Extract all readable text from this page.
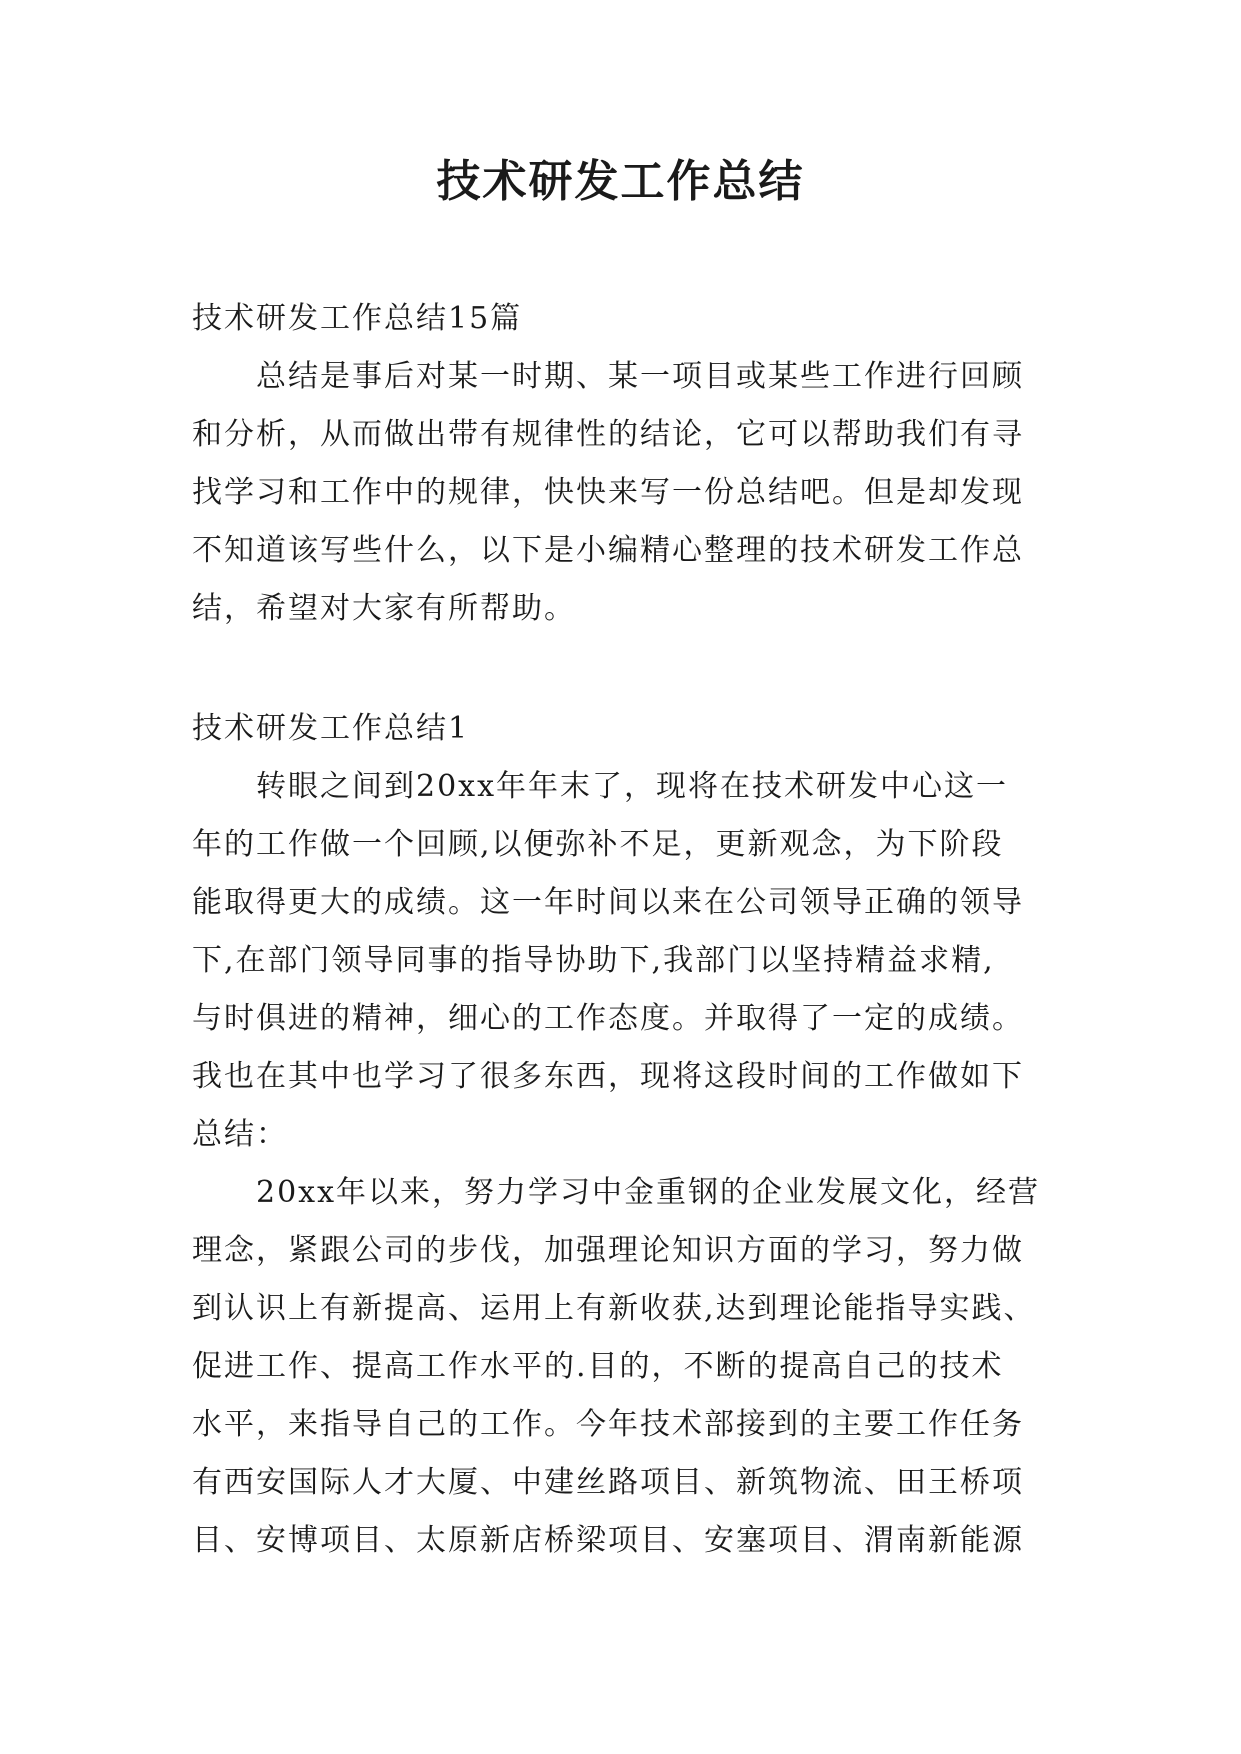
技术研发工作总结
技术研发工作总结15篇
总结是事后对某一时期、某一项目或某些工作进行回顾
和分析，从而做出带有规律性的结论，它可以帮助我们有寻
找学习和工作中的规律，快快来写一份总结吧。但是却发现
不知道该写些什么，以下是小编精心整理的技术研发工作总
结，希望对大家有所帮助。
技术研发工作总结1
转眼之间到20xx年年末了，现将在技术研发中心这一
年的工作做一个回顾,以便弥补不足，更新观念，为下阶段
能取得更大的成绩。这一年时间以来在公司领导正确的领导
下,在部门领导同事的指导协助下,我部门以坚持精益求精,
与时俱进的精神，细心的工作态度。并取得了一定的成绩。
我也在其中也学习了很多东西，现将这段时间的工作做如下
总结：
20xx年以来，努力学习中金重钢的企业发展文化，经营
理念，紧跟公司的步伐，加强理论知识方面的学习，努力做
到认识上有新提高、运用上有新收获,达到理论能指导实践、
促进工作、提高工作水平的.目的，不断的提高自己的技术
水平，来指导自己的工作。今年技术部接到的主要工作任务
有西安国际人才大厦、中建丝路项目、新筑物流、田王桥项
目、安博项目、太原新店桥梁项目、安塞项目、渭南新能源
